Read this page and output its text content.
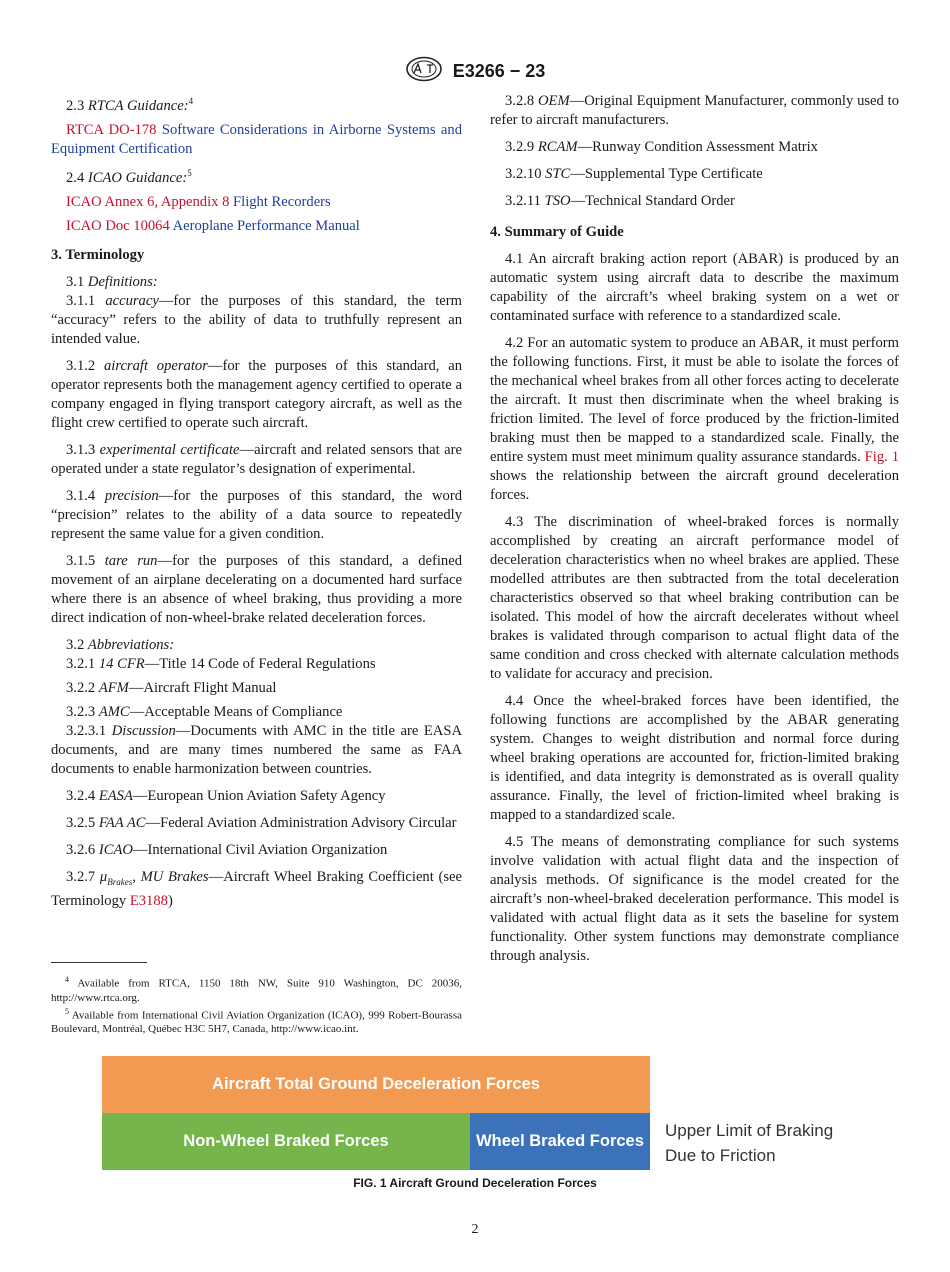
E3266 − 23

2.3 RTCA Guidance:$^4$

RTCA DO-178 Software Considerations in Airborne Systems and Equipment Certification

2.4 ICAO Guidance:$^5$

ICAO Annex 6, Appendix 8 Flight Recorders

ICAO Doc 10064 Aeroplane Performance Manual

3. Terminology

3.1 Definitions:

3.1.1 accuracy—for the purposes of this standard, the term “accuracy” refers to the ability of data to truthfully represent an intended value.

3.1.2 aircraft operator—for the purposes of this standard, an operator represents both the management agency certified to operate a company engaged in flying transport category aircraft, as well as the flight crew certified to operate such aircraft.

3.1.3 experimental certificate—aircraft and related sensors that are operated under a state regulator’s designation of experimental.

3.1.4 precision—for the purposes of this standard, the word “precision” relates to the ability of a data source to repeatedly represent the same value for a given condition.

3.1.5 tare run—for the purposes of this standard, a defined movement of an airplane decelerating on a documented hard surface where there is an absence of wheel braking, thus providing a more direct indication of non-wheel-brake related deceleration forces.

3.2 Abbreviations:

3.2.1 14 CFR—Title 14 Code of Federal Regulations

3.2.2 AFM—Aircraft Flight Manual

3.2.3 AMC—Acceptable Means of Compliance

3.2.3.1 Discussion—Documents with AMC in the title are EASA documents, and are many times numbered the same as FAA documents to enable harmonization between countries.

3.2.4 EASA—European Union Aviation Safety Agency

3.2.5 FAA AC—Federal Aviation Administration Advisory Circular

3.2.6 ICAO—International Civil Aviation Organization

3.2.7 $\mu_{Brakes}$, MU Brakes—Aircraft Wheel Braking Coefficient (see Terminology E3188)

3.2.8 OEM—Original Equipment Manufacturer, commonly used to refer to aircraft manufacturers.

3.2.9 RCAM—Runway Condition Assessment Matrix

3.2.10 STC—Supplemental Type Certificate

3.2.11 TSO—Technical Standard Order

4. Summary of Guide

4.1 An aircraft braking action report (ABAR) is produced by an automatic system using aircraft data to describe the maximum capability of the aircraft’s wheel braking system on a wet or contaminated surface with reference to a standardized scale.

4.2 For an automatic system to produce an ABAR, it must perform the following functions. First, it must be able to isolate the forces of the mechanical wheel brakes from all other forces acting to decelerate the aircraft. It must then discriminate when the wheel braking is friction limited. The level of force produced by the friction-limited braking must then be mapped to a standardized scale. Finally, the entire system must meet minimum quality assurance standards. Fig. 1 shows the relationship between the aircraft ground deceleration forces.

4.3 The discrimination of wheel-braked forces is normally accomplished by creating an aircraft performance model of deceleration characteristics when no wheel brakes are applied. These modelled attributes are then subtracted from the total deceleration characteristics observed so that wheel braking contribution can be isolated. This model of how the aircraft decelerates without wheel brakes is validated through comparison to actual flight data of the same condition and cross checked with alternate calculation methods to validate for accuracy and precision.

4.4 Once the wheel-braked forces have been identified, the following functions are accomplished by the ABAR generating system. Changes to weight distribution and normal force during wheel braking operations are accounted for, friction-limited braking is identified, and data integrity is demonstrated as is overall quality assurance. Finally, the level of friction-limited wheel braking is mapped to a standardized scale.

4.5 The means of demonstrating compliance for such systems involve validation with actual flight data and the inspection of analysis methods. Of significance is the model created for the aircraft’s non-wheel-braked deceleration performance. This model is validated with actual flight data as it sets the baseline for system functionality. Other system functions may demonstrate compliance through analysis.

$^4$ Available from RTCA, 1150 18th NW, Suite 910 Washington, DC 20036, http://www.rtca.org.

$^5$ Available from International Civil Aviation Organization (ICAO), 999 Robert-Bourassa Boulevard, Montréal, Québec H3C 5H7, Canada, http://www.icao.int.

Aircraft Total Ground Deceleration Forces
Non-Wheel Braked Forces	Wheel Braked Forces
Upper Limit of Braking
Due to Friction
FIG. 1 Aircraft Ground Deceleration Forces
2
